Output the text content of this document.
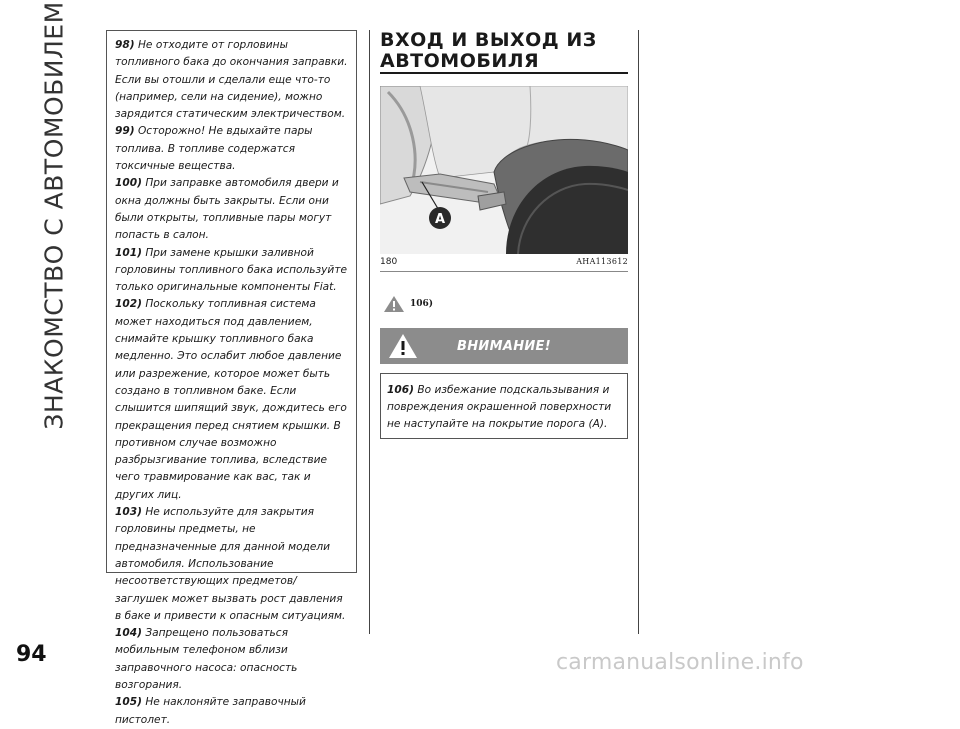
ЗНАКОМСТВО С АВТОМОБИЛЕМ	98) Не отходите от горловины топливного бака до окончания заправки. Если вы отошли и сделали еще что-то (например, сели на сидение), можно зарядится статическим электричеством.

99) Осторожно! Не вдыхайте пары топлива. В топливе содержатся токсичные вещества.

100) При заправке автомобиля двери и окна должны быть закрыты. Если они были открыты, топливные пары могут попасть в салон.

101) При замене крышки заливной горловины топливного бака используйте только оригинальные компоненты Fiat.

102) Поскольку топливная система может находиться под давлением, снимайте крышку топливного бака медленно. Это ослабит любое давление или разрежение, которое может быть создано в топливном баке. Если слышится шипящий звук, дождитесь его прекращения перед снятием крышки. В противном случае возможно разбрызгивание топлива, вследствие чего травмирование как вас, так и других лиц.

103) Не используйте для закрытия горловины предметы, не предназначенные для данной модели автомобиля. Использование несоответствующих предметов/заглушек может вызвать рост давления в баке и привести к опасным ситуациям.

104) Запрещено пользоваться мобильным телефоном вблизи заправочного насоса: опасность возгорания.

105) Не наклоняйте заправочный пистолет.

ВХОД И ВЫХОД ИЗ
АВТОМОБИЛЯ
A
180	AHA113612
106)
ВНИМАНИЕ!

106) Во избежание подскальзывания и повреждения окрашенной поверхности не наступайте на покрытие порога (A).

94	carmanualsonline.info
